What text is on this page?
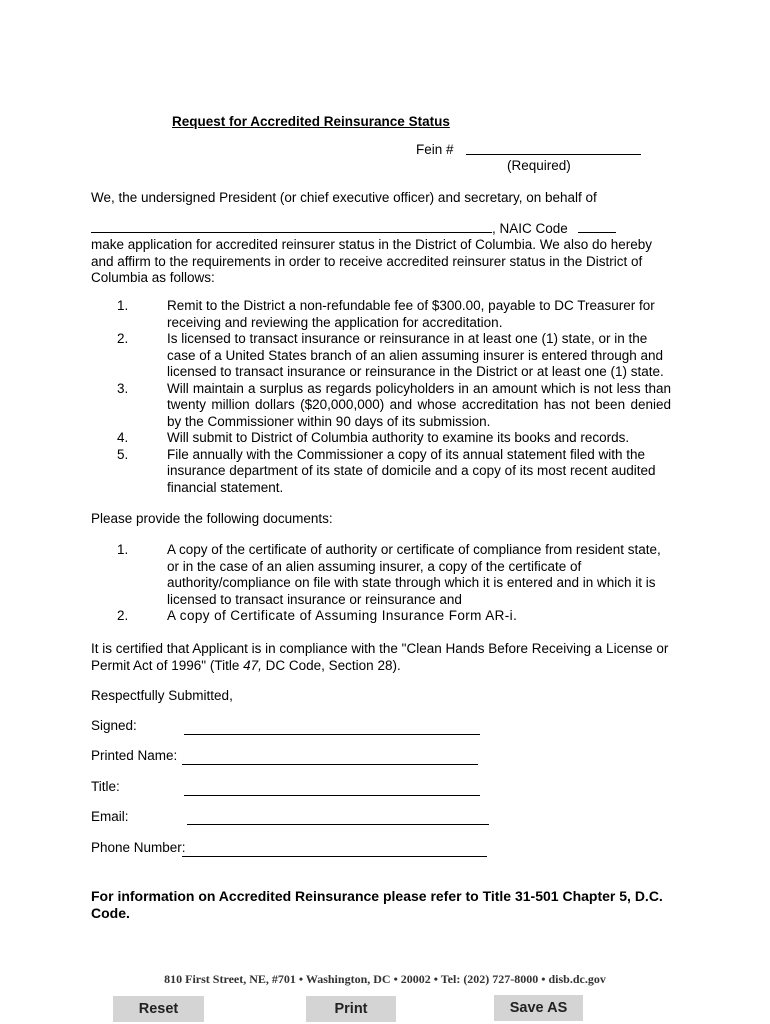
Request for Accredited Reinsurance Status
Fein #
(Required)
We, the undersigned President (or chief executive officer) and secretary, on behalf of
, NAIC Code
make application for accredited reinsurer status in the District of Columbia. We also do hereby and affirm to the requirements in order to receive accredited reinsurer status in the District of Columbia as follows:
1.	Remit to the District a non-refundable fee of $300.00, payable to DC Treasurer for receiving and reviewing the application for accreditation.
2.	Is licensed to transact insurance or reinsurance in at least one (1) state, or in the case of a United States branch of an alien assuming insurer is entered through and licensed to transact insurance or reinsurance in the District or at least one (1) state.
3.	Will maintain a surplus as regards policyholders in an amount which is not less than twenty million dollars ($20,000,000) and whose accreditation has not been denied by the Commissioner within 90 days of its submission.
4.	Will submit to District of Columbia authority to examine its books and records.
5.	File annually with the Commissioner a copy of its annual statement filed with the insurance department of its state of domicile and a copy of its most recent audited financial statement.
Please provide the following documents:
1.	A copy of the certificate of authority or certificate of compliance from resident state, or in the case of an alien assuming insurer, a copy of the certificate of authority/compliance on file with state through which it is entered and in which it is licensed to transact insurance or reinsurance and
2.	A copy of Certificate of Assuming Insurance Form AR-i.
It is certified that Applicant is in compliance with the "Clean Hands Before Receiving a License or
Permit Act of 1996" (Title 47, DC Code, Section 28).
Respectfully Submitted,
Signed:
Printed Name:
Title:
Email:
Phone Number:
For information on Accredited Reinsurance please refer to Title 31-501 Chapter 5, D.C. Code.
810 First Street, NE, #701 • Washington, DC • 20002 • Tel: (202) 727-8000 • disb.dc.gov
Reset	Print	Save AS
